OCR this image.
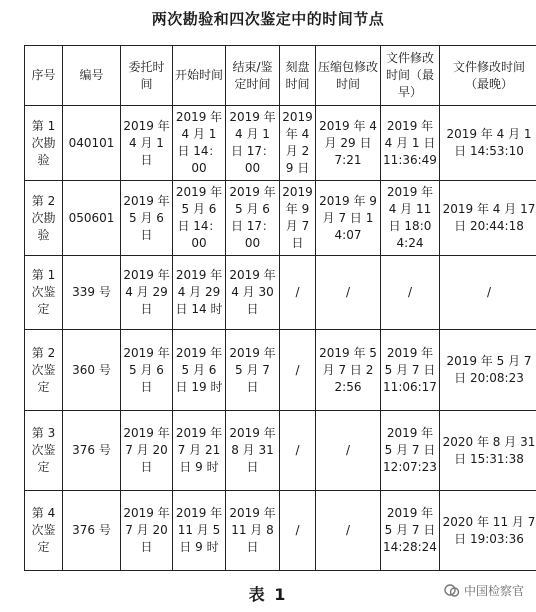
两次勘验和四次鉴定中的时间节点
序号	编号	委托时间	开始时间	结束/鉴定时间	刻盘时间	压缩包修改时间	文件修改时间（最早）	文件修改时间（最晚）
第 1 次勘验	040101	2019 年 4 月 1 日	2019 年 4 月 1 日 14：00	2019 年 4 月 1 日 17：00	2019 年 4 月 29 日	2019 年 4 月 29 日 7:21	2019 年 4 月 1 日 11:36:49	2019 年 4 月 1 日 14:53:10
第 2 次勘验	050601	2019 年 5 月 6 日	2019 年 5 月 6 日 14：00	2019 年 5 月 6 日 17：00	2019 年 9 月 7 日	2019 年 9 月 7 日 14:07	2019 年 4 月 11 日 18:04:24	2019 年 4 月 17 日 20:44:18
第 1 次鉴定	339 号	2019 年 4 月 29 日	2019 年 4 月 29 日 14 时	2019 年 4 月 30 日	/	/	/	/
第 2 次鉴定	360 号	2019 年 5 月 6 日	2019 年 5 月 6 日 19 时	2019 年 5 月 7 日	/	2019 年 5 月 7 日 22:56	2019 年 5 月 7 日 11:06:17	2019 年 5 月 7 日 20:08:23
第 3 次鉴定	376 号	2019 年 7 月 20 日	2019 年 7 月 21 日 9 时	2019 年 8 月 31 日	/	/	2019 年 5 月 7 日 12:07:23	2020 年 8 月 31 日 15:31:38
第 4 次鉴定	376 号	2019 年 7 月 20 日	2019 年 11 月 5 日 9 时	2019 年 11 月 8 日	/	/	2019 年 5 月 7 日 14:28:24	2020 年 11 月 7 日 19:03:36
表 1	中国检察官
